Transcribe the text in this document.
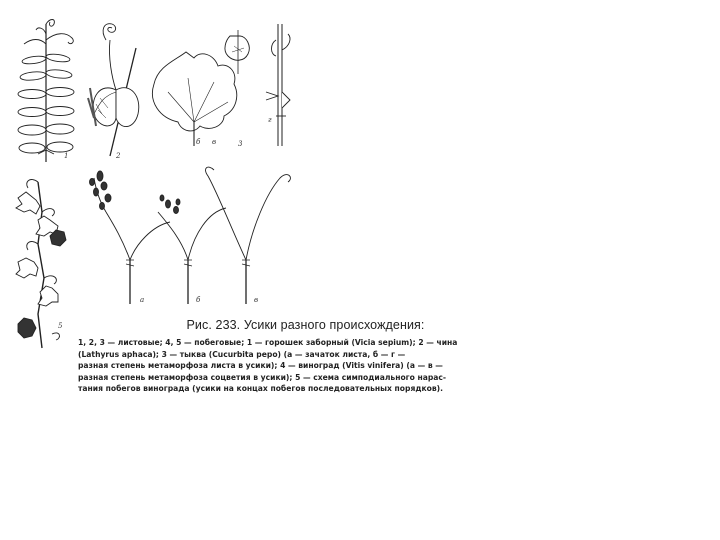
1	2
б в	3
г
5
а	б	в

Рис. 233. Усики разного происхождения:

1, 2, 3 — листовые; 4, 5 — побеговые; 1 — горошек заборный (Vicia sepium); 2 — чина
(Lathyrus aphaca); 3 — тыква (Cucurbita pepo) (а — зачаток листа, б — г —
разная степень метаморфоза листа в усики); 4 — виноград (Vitis vinifera) (а — в —
разная степень метаморфоза соцветия в усики); 5 — схема симподиального нарас-
тания побегов винограда (усики на концах побегов последовательных порядков).
